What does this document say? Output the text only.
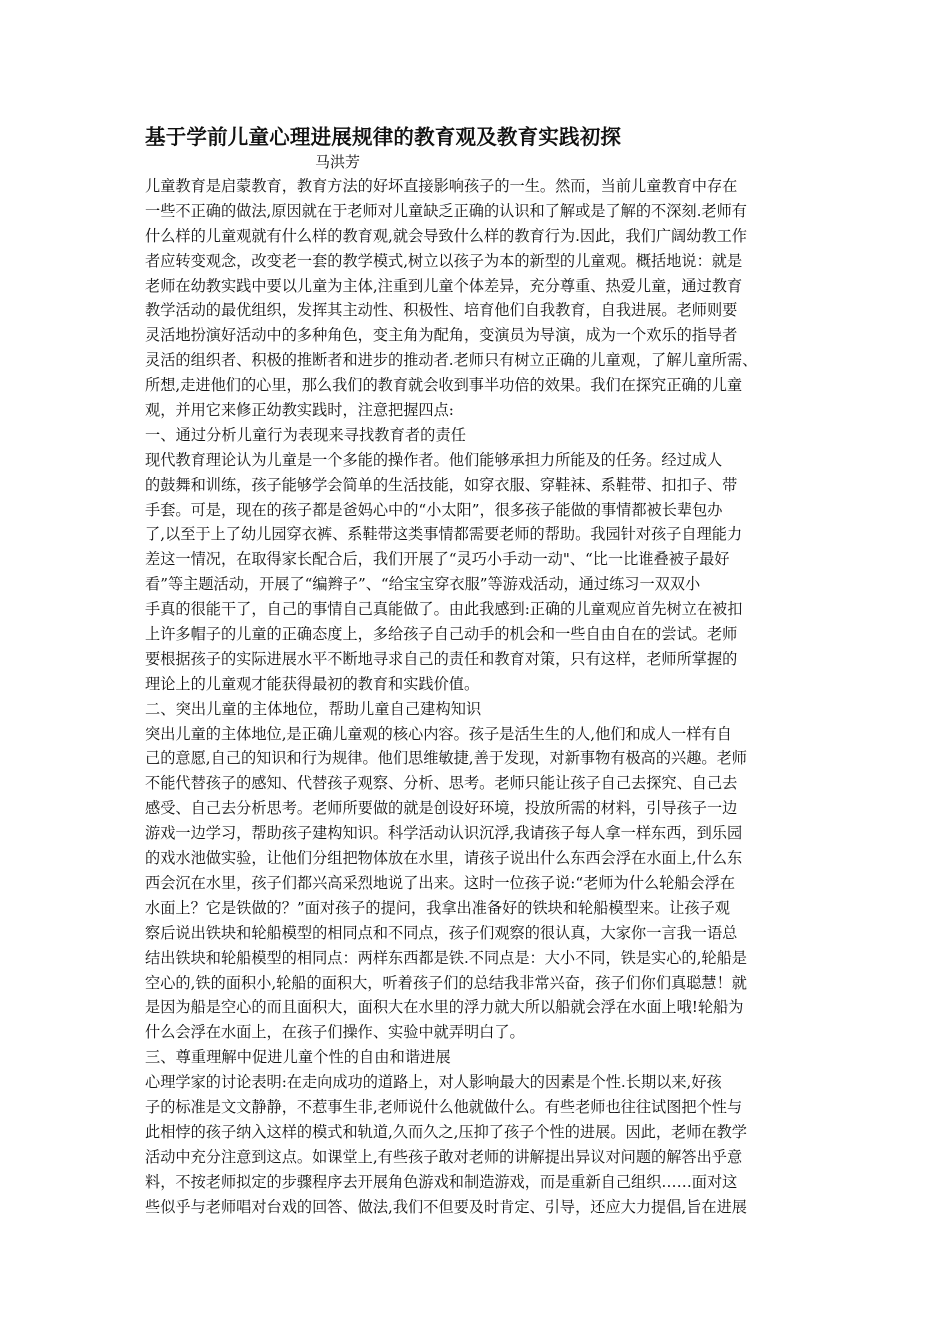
基于学前儿童心理进展规律的教育观及教育实践初探
马洪芳
儿童教育是启蒙教育，教育方法的好坏直接影响孩子的一生。然而，当前儿童教育中存在
一些不正确的做法,原因就在于老师对儿童缺乏正确的认识和了解或是了解的不深刻.老师有
什么样的儿童观就有什么样的教育观,就会导致什么样的教育行为.因此，我们广阔幼教工作
者应转变观念，改变老一套的教学模式,树立以孩子为本的新型的儿童观。概括地说：就是
老师在幼教实践中要以儿童为主体,注重到儿童个体差异，充分尊重、热爱儿童，通过教育
教学活动的最优组织，发挥其主动性、积极性、培育他们自我教育，自我进展。老师则要
灵活地扮演好活动中的多种角色，变主角为配角，变演员为导演，成为一个欢乐的指导者
灵活的组织者、积极的推断者和进步的推动者.老师只有树立正确的儿童观，了解儿童所需、
所想,走进他们的心里，那么我们的教育就会收到事半功倍的效果。我们在探究正确的儿童
观，并用它来修正幼教实践时，注意把握四点:
一、通过分析儿童行为表现来寻找教育者的责任
现代教育理论认为儿童是一个多能的操作者。他们能够承担力所能及的任务。经过成人
的鼓舞和训练，孩子能够学会简单的生活技能，如穿衣服、穿鞋袜、系鞋带、扣扣子、带
手套。可是，现在的孩子都是爸妈心中的“小太阳”，很多孩子能做的事情都被长辈包办
了,以至于上了幼儿园穿衣裤、系鞋带这类事情都需要老师的帮助。我园针对孩子自理能力
差这一情况，在取得家长配合后，我们开展了“灵巧小手动一动"、“比一比谁叠被子最好
看”等主题活动，开展了“编辫子”、“给宝宝穿衣服”等游戏活动，通过练习一双双小
手真的很能干了，自己的事情自己真能做了。由此我感到:正确的儿童观应首先树立在被扣
上许多帽子的儿童的正确态度上，多给孩子自己动手的机会和一些自由自在的尝试。老师
要根据孩子的实际进展水平不断地寻求自己的责任和教育对策，只有这样，老师所掌握的
理论上的儿童观才能获得最初的教育和实践价值。
二、突出儿童的主体地位，帮助儿童自己建构知识
突出儿童的主体地位,是正确儿童观的核心内容。孩子是活生生的人,他们和成人一样有自
己的意愿,自己的知识和行为规律。他们思维敏捷,善于发现，对新事物有极高的兴趣。老师
不能代替孩子的感知、代替孩子观察、分析、思考。老师只能让孩子自己去探究、自己去
感受、自己去分析思考。老师所要做的就是创设好环境，投放所需的材料，引导孩子一边
游戏一边学习，帮助孩子建构知识。科学活动认识沉浮,我请孩子每人拿一样东西，到乐园
的戏水池做实验，让他们分组把物体放在水里，请孩子说出什么东西会浮在水面上,什么东
西会沉在水里，孩子们都兴高采烈地说了出来。这时一位孩子说:“老师为什么轮船会浮在
水面上？它是铁做的？”面对孩子的提问，我拿出准备好的铁块和轮船模型来。让孩子观
察后说出铁块和轮船模型的相同点和不同点，孩子们观察的很认真，大家你一言我一语总
结出铁块和轮船模型的相同点：两样东西都是铁.不同点是：大小不同，铁是实心的,轮船是
空心的,铁的面积小,轮船的面积大，听着孩子们的总结我非常兴奋，孩子们你们真聪慧！就
是因为船是空心的而且面积大，面积大在水里的浮力就大所以船就会浮在水面上哦!轮船为
什么会浮在水面上，在孩子们操作、实验中就弄明白了。
三、尊重理解中促进儿童个性的自由和谐进展
心理学家的讨论表明:在走向成功的道路上，对人影响最大的因素是个性.长期以来,好孩
子的标准是文文静静，不惹事生非,老师说什么他就做什么。有些老师也往往试图把个性与
此相悖的孩子纳入这样的模式和轨道,久而久之,压抑了孩子个性的进展。因此，老师在教学
活动中充分注意到这点。如课堂上,有些孩子敢对老师的讲解提出异议对问题的解答出乎意
料，不按老师拟定的步骤程序去开展角色游戏和制造游戏，而是重新自己组织……面对这
些似乎与老师唱对台戏的回答、做法,我们不但要及时肯定、引导，还应大力提倡,旨在进展
